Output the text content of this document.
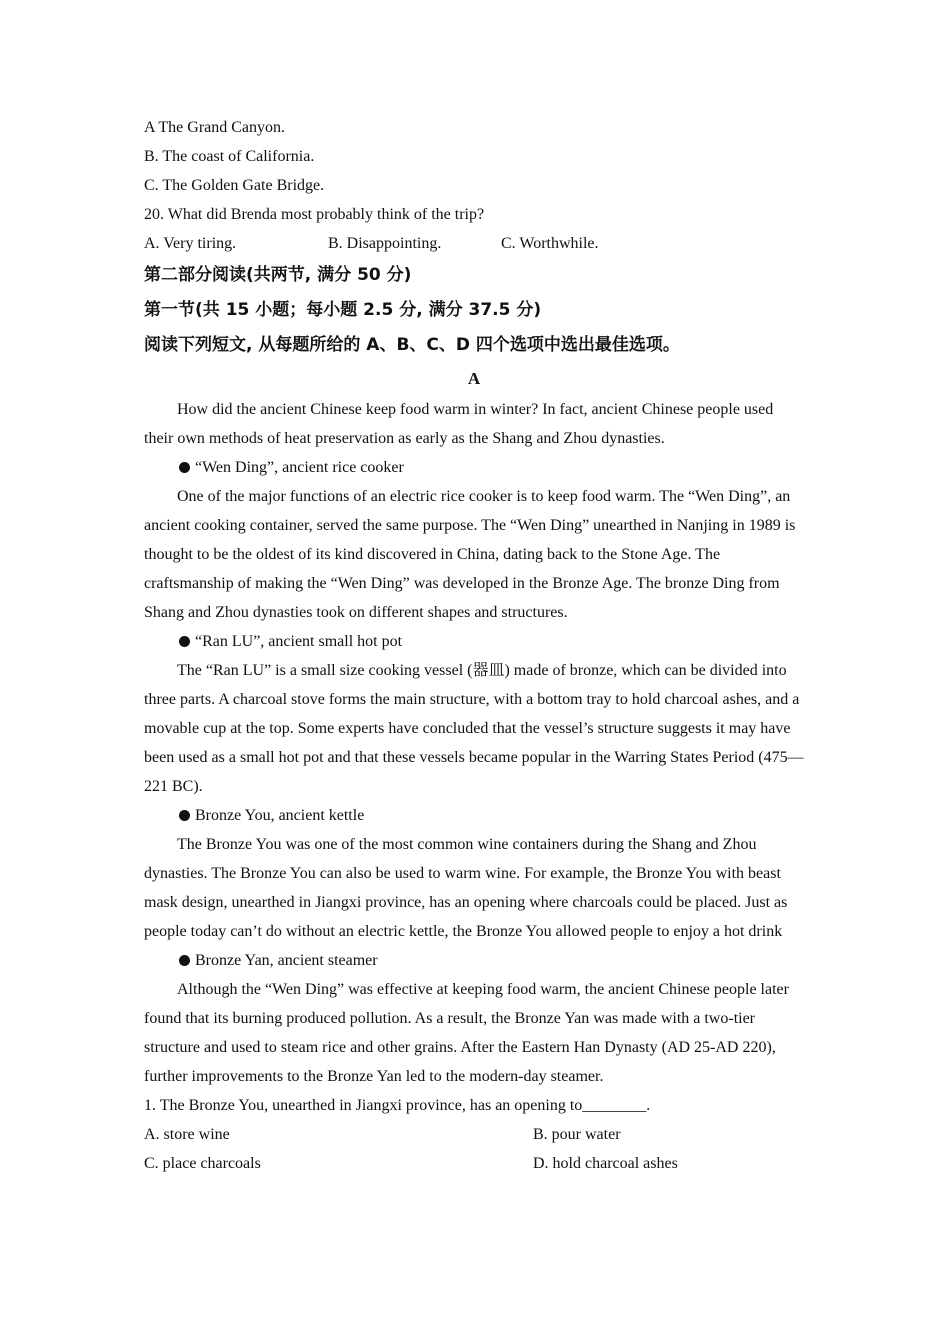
A The Grand Canyon.
B. The coast of California.
C. The Golden Gate Bridge.
20. What did Brenda most probably think of the trip?
A. Very tiring.	B. Disappointing.	C. Worthwhile.
第二部分阅读(共两节, 满分 50 分)
第一节(共 15 小题；每小题 2.5 分, 满分 37.5 分)
阅读下列短文, 从每题所给的 A、B、C、D 四个选项中选出最佳选项。
A

How did the ancient Chinese keep food warm in winter? In fact, ancient Chinese people used their own methods of heat preservation as early as the Shang and Zhou dynasties.

“Wen Ding”, ancient rice cooker

One of the major functions of an electric rice cooker is to keep food warm. The “Wen Ding”, an ancient cooking container, served the same purpose. The “Wen Ding” unearthed in Nanjing in 1989 is thought to be the oldest of its kind discovered in China, dating back to the Stone Age. The craftsmanship of making the “Wen Ding” was developed in the Bronze Age. The bronze Ding from Shang and Zhou dynasties took on different shapes and structures.

“Ran LU”, ancient small hot pot

The “Ran LU” is a small size cooking vessel (器皿) made of bronze, which can be divided into three parts. A charcoal stove forms the main structure, with a bottom tray to hold charcoal ashes, and a movable cup at the top. Some experts have concluded that the vessel’s structure suggests it may have been used as a small hot pot and that these vessels became popular in the Warring States Period (475—221 BC).

Bronze You, ancient kettle

The Bronze You was one of the most common wine containers during the Shang and Zhou dynasties. The Bronze You can also be used to warm wine. For example, the Bronze You with beast mask design, unearthed in Jiangxi province, has an opening where charcoals could be placed. Just as people today can’t do without an electric kettle, the Bronze You allowed people to enjoy a hot drink

Bronze Yan, ancient steamer

Although the “Wen Ding” was effective at keeping food warm, the ancient Chinese people later found that its burning produced pollution. As a result, the Bronze Yan was made with a two-tier structure and used to steam rice and other grains. After the Eastern Han Dynasty (AD 25-AD 220), further improvements to the Bronze Yan led to the modern-day steamer.

1. The Bronze You, unearthed in Jiangxi province, has an opening to________.
A. store wine	B. pour water
C. place charcoals	D. hold charcoal ashes
